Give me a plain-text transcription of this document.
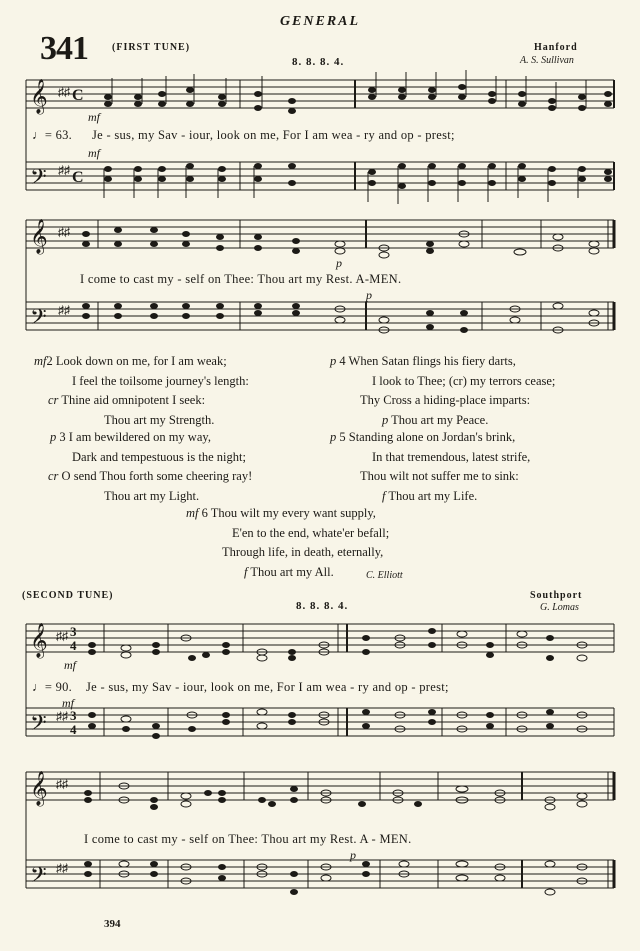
GENERAL
341 (FIRST TUNE)
8. 8. 8. 4.
Hanford
A. S. Sullivan
𝄞
𝄢
♯♯
♯♯
C
C
mf
♩= 63. Je - sus, my Sav - iour, look on me, For I am wea - ry and op - prest;
mf
𝄞
𝄢
♯♯
♯♯
p
I come to cast my - self on Thee: Thou art my Rest. A-MEN.
p
mf2 Look down on me, for I am weak;
I feel the toilsome journey's length:
cr Thine aid omnipotent I seek:
Thou art my Strength.
p 4 When Satan flings his fiery darts,
I look to Thee; (cr) my terrors cease;
Thy Cross a hiding-place imparts:
p Thou art my Peace.
p 3 I am bewildered on my way,
Dark and tempestuous is the night;
cr O send Thou forth some cheering ray!
Thou art my Light.
p 5 Standing alone on Jordan's brink,
In that tremendous, latest strife,
Thou wilt not suffer me to sink:
f Thou art my Life.
mf 6 Thou wilt my every want supply,
E'en to the end, whate'er befall;
Through life, in death, eternally,
f Thou art my All.	C. Elliott
(SECOND TUNE)
8. 8. 8. 4.
Southport
G. Lomas
𝄞
𝄢
♯♯
♯♯
3
4
3
4
mf
♩= 90. Je - sus, my Sav - iour, look on me, For I am wea - ry and op - prest;
mf
𝄞
𝄢
♯♯
♯♯
I come to cast my - self on Thee: Thou art my Rest. A - MEN.
p
394
